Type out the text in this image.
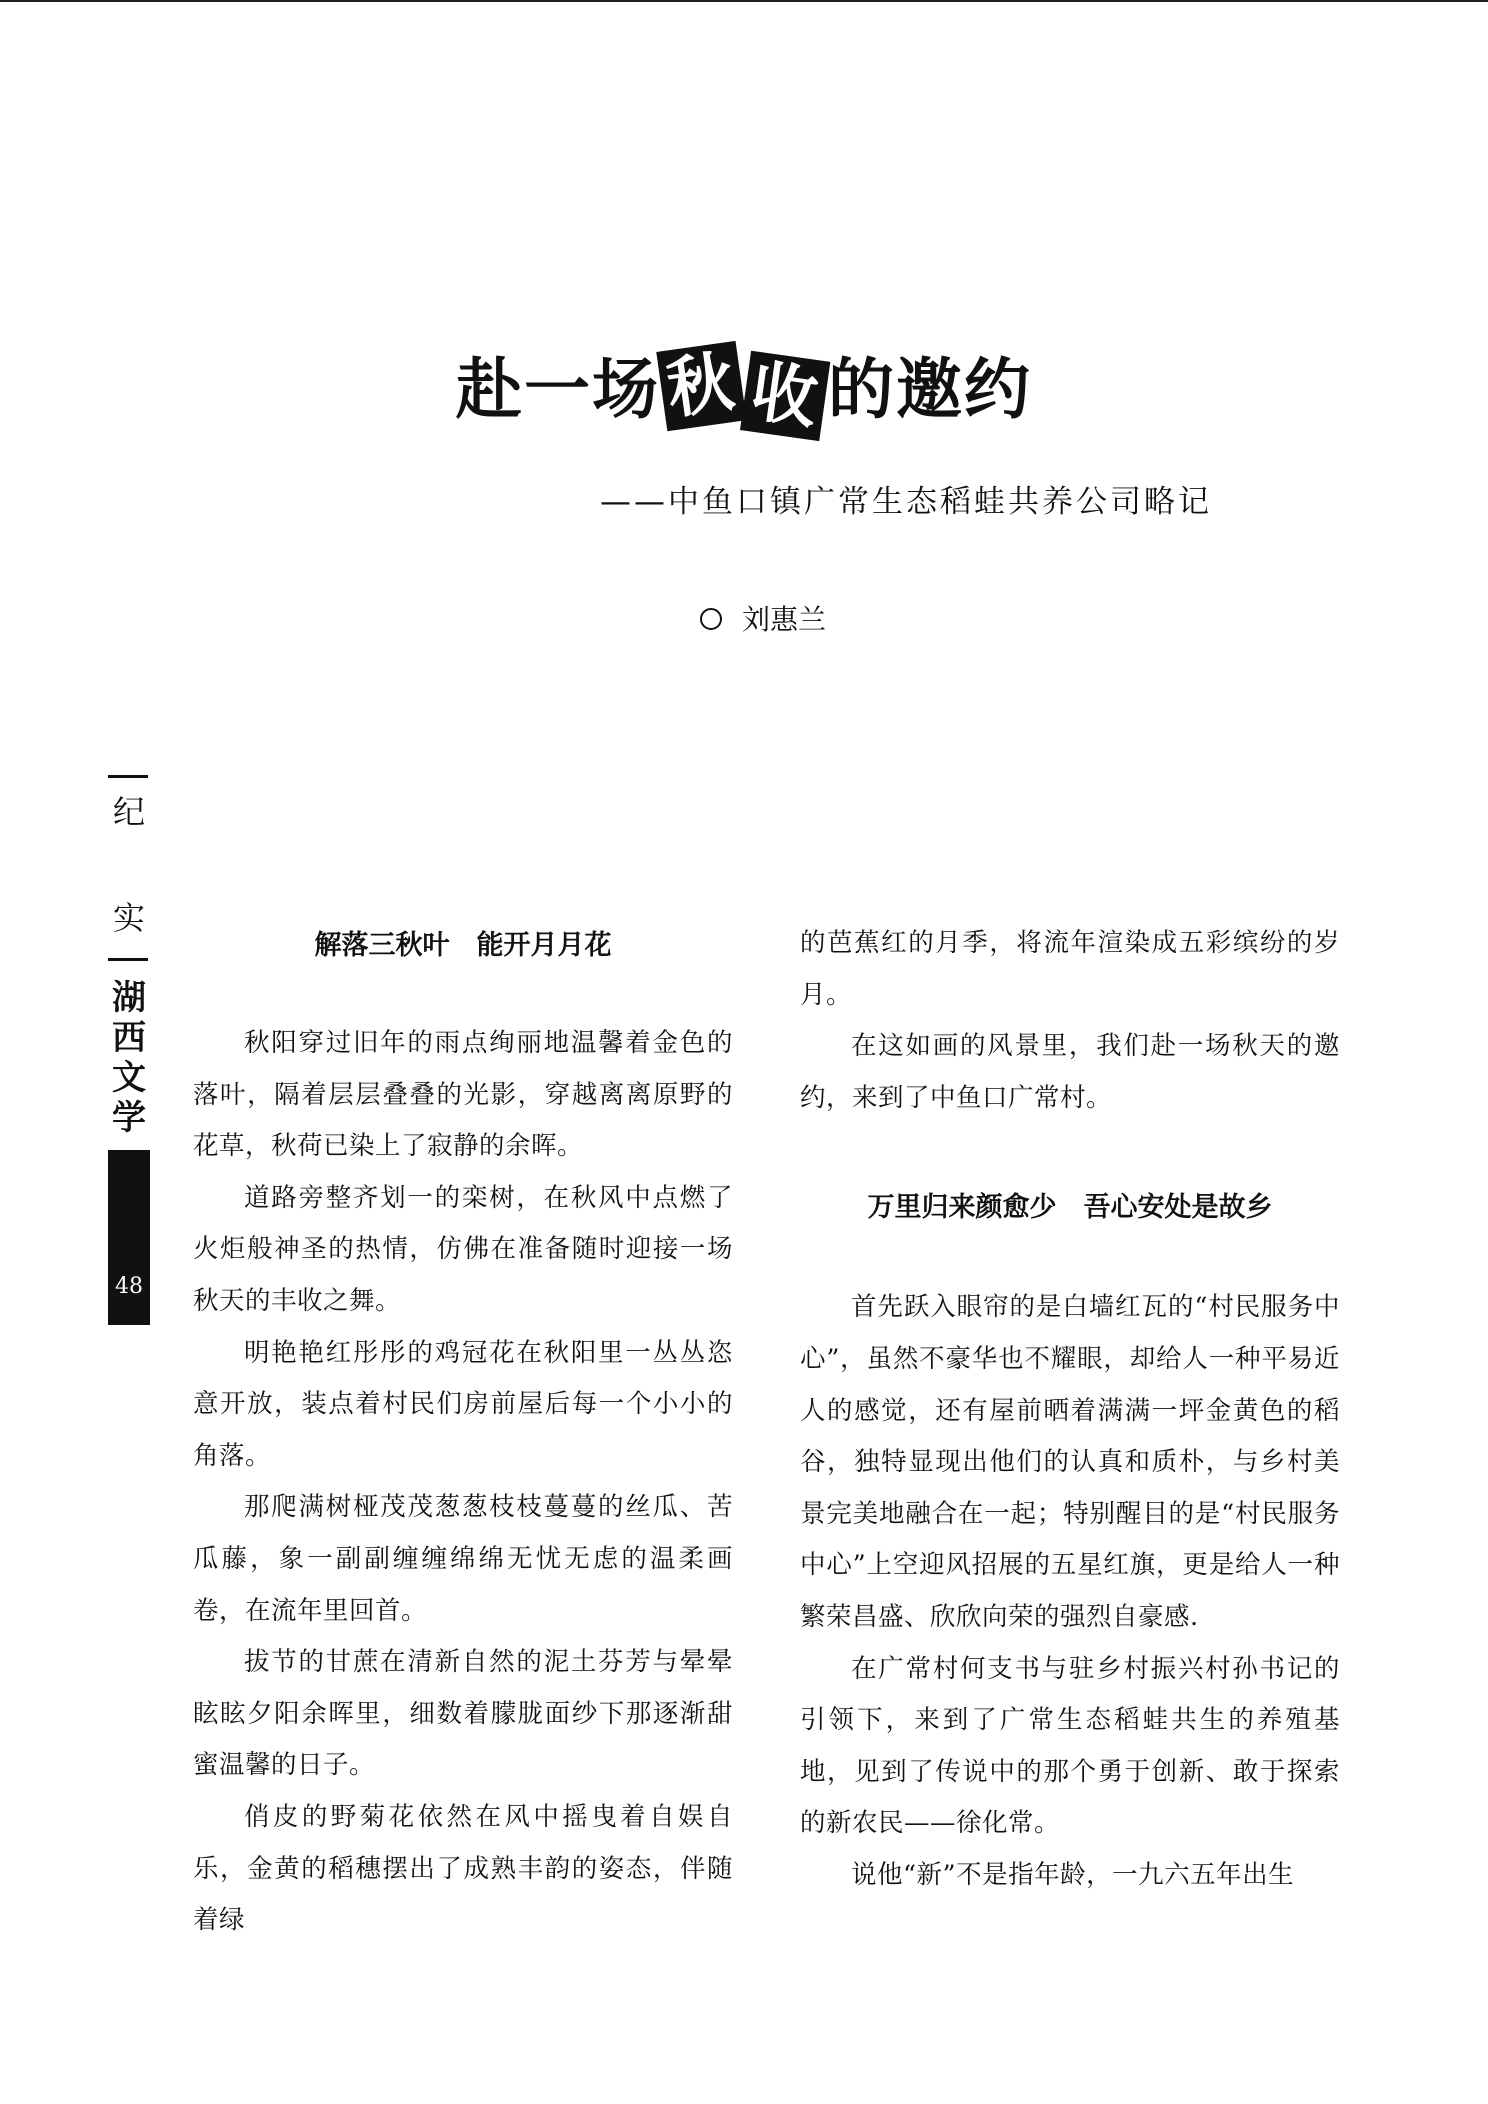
赴一场秋收的邀约
——中鱼口镇广常生态稻蛙共养公司略记
刘惠兰
纪
实
湖
西
文
学
48
解落三秋叶　能开月月花

秋阳穿过旧年的雨点绚丽地温馨着金色的落叶，隔着层层叠叠的光影，穿越离离原野的花草，秋荷已染上了寂静的余晖。

道路旁整齐划一的栾树，在秋风中点燃了火炬般神圣的热情，仿佛在准备随时迎接一场秋天的丰收之舞。

明艳艳红彤彤的鸡冠花在秋阳里一丛丛恣意开放，装点着村民们房前屋后每一个小小的角落。

那爬满树桠茂茂葱葱枝枝蔓蔓的丝瓜、苦瓜藤，象一副副缠缠绵绵无忧无虑的温柔画卷，在流年里回首。

拔节的甘蔗在清新自然的泥土芬芳与晕晕眩眩夕阳余晖里，细数着朦胧面纱下那逐渐甜蜜温馨的日子。

俏皮的野菊花依然在风中摇曳着自娱自乐，金黄的稻穗摆出了成熟丰韵的姿态，伴随着绿

的芭蕉红的月季，将流年渲染成五彩缤纷的岁月。

在这如画的风景里，我们赴一场秋天的邀约，来到了中鱼口广常村。

万里归来颜愈少　吾心安处是故乡

首先跃入眼帘的是白墙红瓦的“村民服务中心”，虽然不豪华也不耀眼，却给人一种平易近人的感觉，还有屋前晒着满满一坪金黄色的稻谷，独特显现出他们的认真和质朴，与乡村美景完美地融合在一起；特别醒目的是“村民服务中心”上空迎风招展的五星红旗，更是给人一种繁荣昌盛、欣欣向荣的强烈自豪感.

在广常村何支书与驻乡村振兴村孙书记的引领下，来到了广常生态稻蛙共生的养殖基地，见到了传说中的那个勇于创新、敢于探索的新农民——徐化常。

说他“新”不是指年龄，一九六五年出生
